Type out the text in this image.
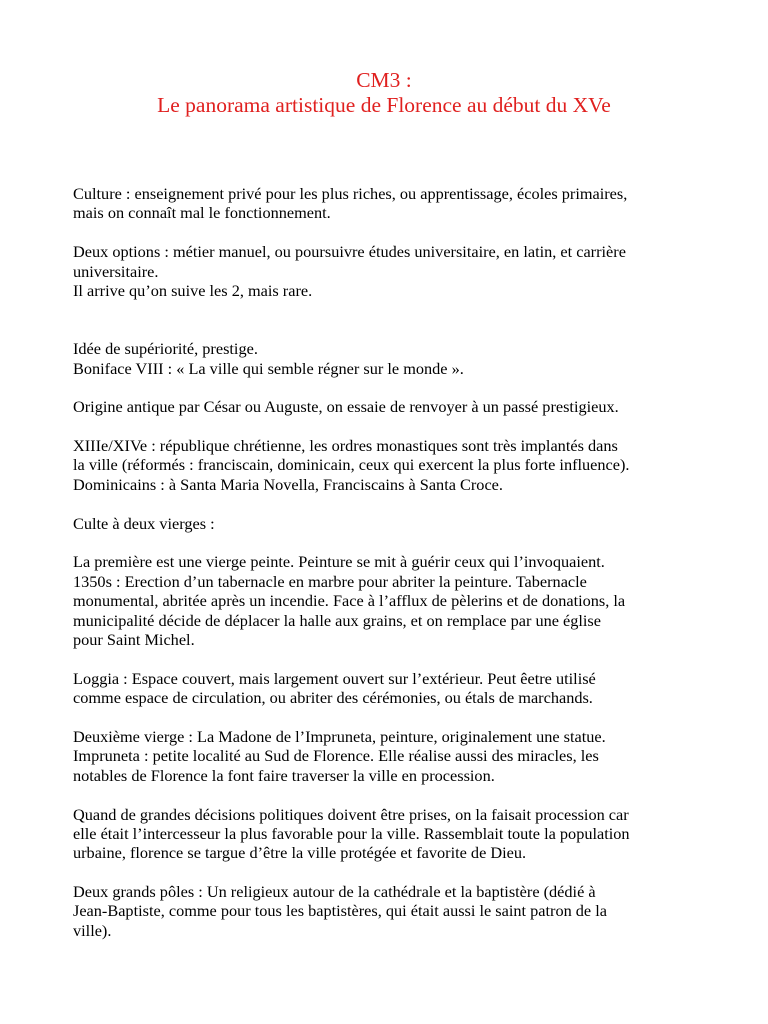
CM3 :
Le panorama artistique de Florence au début du XVe
Culture : enseignement privé pour les plus riches, ou apprentissage, écoles primaires,
mais on connaît mal le fonctionnement.
Deux options : métier manuel, ou poursuivre études universitaire, en latin, et carrière
universitaire.
Il arrive qu’on suive les 2, mais rare.
Idée de supériorité, prestige.
Boniface VIII : « La ville qui semble régner sur le monde ».
Origine antique par César ou Auguste, on essaie de renvoyer à un passé prestigieux.
XIIIe/XIVe : république chrétienne, les ordres monastiques sont très implantés dans
la ville (réformés : franciscain, dominicain, ceux qui exercent la plus forte influence).
Dominicains : à Santa Maria Novella, Franciscains à Santa Croce.
Culte à deux vierges :
La première est une vierge peinte. Peinture se mit à guérir ceux qui l’invoquaient.
1350s : Erection d’un tabernacle en marbre pour abriter la peinture. Tabernacle
monumental, abritée après un incendie. Face à l’afflux de pèlerins et de donations, la
municipalité décide de déplacer la halle aux grains, et on remplace par une église
pour Saint Michel.
Loggia : Espace couvert, mais largement ouvert sur l’extérieur. Peut êetre utilisé
comme espace de circulation, ou abriter des cérémonies, ou étals de marchands.
Deuxième vierge : La Madone de l’Impruneta, peinture, originalement une statue.
Impruneta : petite localité au Sud de Florence. Elle réalise aussi des miracles, les
notables de Florence la font faire traverser la ville en procession.
Quand de grandes décisions politiques doivent être prises, on la faisait procession car
elle était l’intercesseur la plus favorable pour la ville. Rassemblait toute la population
urbaine, florence se targue d’être la ville protégée et favorite de Dieu.
Deux grands pôles : Un religieux autour de la cathédrale et la baptistère (dédié à
Jean-Baptiste, comme pour tous les baptistères, qui était aussi le saint patron de la
ville).
